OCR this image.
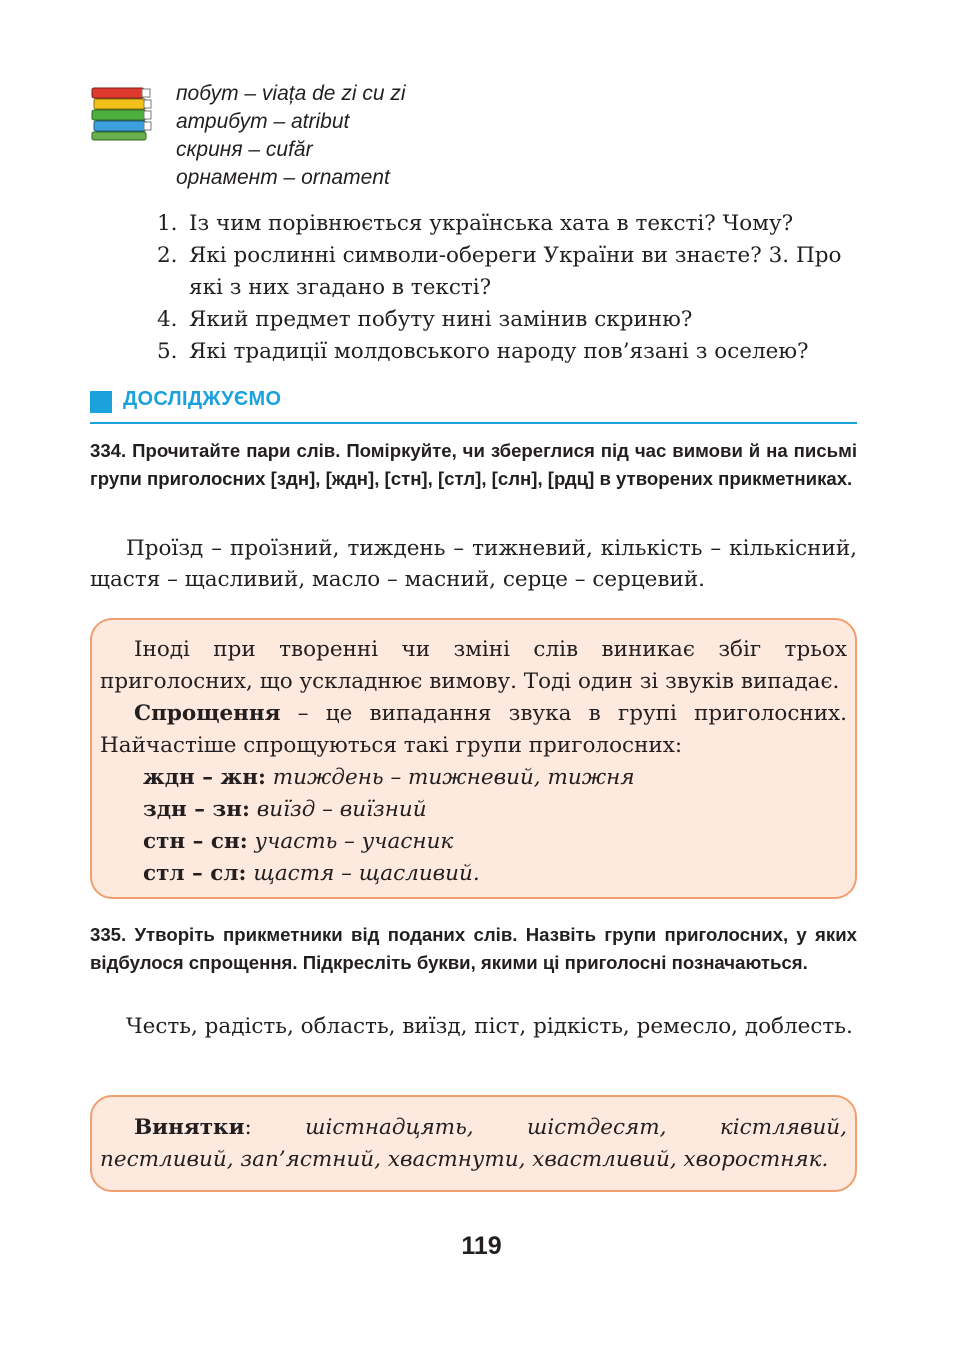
побут – viața de zi cu zi
атрибут – atribut
скриня – cufăr
орнамент – ornament
1. Із чим порівнюється українська хата в тексті? Чому?
2. Які рослинні символи-обереги України ви знаєте? 3. Про які з них згадано в тексті?
4. Який предмет побуту нині замінив скриню?
5. Які традиції молдовського народу пов’язані з оселею?
ДОСЛІДЖУЄМО
334. Прочитайте пари слів. Поміркуйте, чи збереглися під час вимови й на письмі групи приголосних [здн], [ждн], [стн], [стл], [слн], [рдц] в утворених прикметниках.
Проїзд – проїзний, тиждень – тижневий, кількість – кількісний, щастя – щасливий, масло – масний, серце – серцевий.
Іноді при творенні чи зміні слів виникає збіг трьох приголосних, що ускладнює вимову. Тоді один зі звуків випадає.
Спрощення – це випадання звука в групі приголосних. Найчастіше спрощуються такі групи приголосних:
ждн – жн: тиждень – тижневий, тижня
здн – зн: виїзд – виїзний
стн – сн: участь – учасник
стл – сл: щастя – щасливий.
335. Утворіть прикметники від поданих слів. Назвіть групи приголосних, у яких відбулося спрощення. Підкресліть букви, якими ці приголосні позначаються.
Честь, радість, область, виїзд, піст, рідкість, ремесло, доблесть.
Винятки: шістнадцять, шістдесят, кістлявий, пестливий, зап’ястний, хвастнути, хвастливий, хворостняк.
119
